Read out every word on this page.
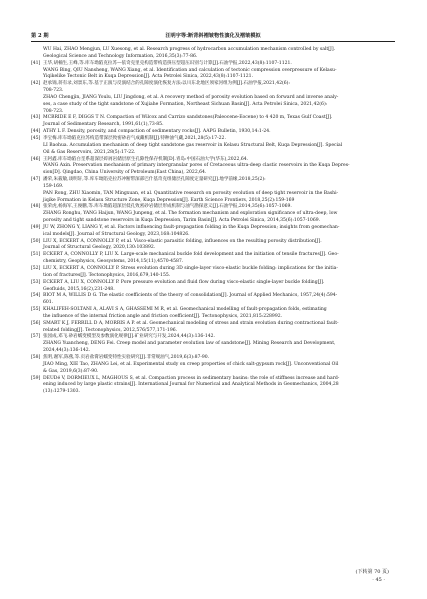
第 2 期	汪明宇等:断背斜褶皱物性演化及褶皱模拟
WU Hai, ZHAO Mengjun, LU Xuesong, et al. Research progress of hydrocarbon accumulation mechanism controlled by salt[J].
Geological Science and Technology Information, 2016,35(3):77-86.
[41] 王华,胡楠生,王峰,等.库车坳陷克拉苏—依奇克里克构造带构造挤压型超压识别与计算[J].石油学报,2022,43(8):1107-1121.
WANG Bing, QIU Nansheng, WANG Xiang, et al. Identification and calculation of tectonic compression overpressure of Kelasu-
Yiqikelike Tectonic Belt in Kuqa Depression[J]. Acta Petrolei Sinica, 2022,43(8):1107-1121.
[42] 赵承锦,蒋有录,刘景东,等.基于正演与反演结合的孔隙度演化恢复方法:以川东北地区须家河组为例[J].石油学报,2021,42(6):
708-723.
ZHAO Chengjin, JIANG Youlu, LIU Jingdong, et al. A recovery method of porosity evolution based on forward and inverse analy-
ses, a case study of the tight sandstone of Xujiahe Formation, Northeast Sichuan Basin[J]. Acta Petrolei Sinica, 2021,42(6):
708-723.
[43] MCBRIDE E F, DIGGS T N. Compaction of Wilcox and Carrizo sandstones(Paleocene-Eocene) to 4 420 m, Texas Gulf Coast[J].
Journal of Sedimentary Research, 1991,61(1),73-85.
[44] ATHY L F. Density, porosity, and compaction of sedimentary rocks[J]. AAPG Bulletin, 1930,14:1-24.
[45] 李宝梅.库车坳陷克拉苏构造带深层致密砂岩气成藏机制[J].特种油气藏,2021,28(5):17-22.
LI Baohua. Accumulation mechanism of deep tight sandstone gas reservoir in Kelasu Structural Belt, Kuqa Depression[J]. Special
Oil & Gas Reservoirs, 2021,28(5):17-22.
[46] 王阿鑫.库车坳陷白垩系超深层碎屑岩储层原生孔隙性保存机制[D].青岛:中国石油大学(华东),2022,64.
WANG Axin. Preservation mechanism of primary intergranular pores of Cretaceous ultra-deep clastic reservoirs in the Kuqa Depres-
sion[D]. Qingdao, China University of Petroleum(East China), 2022,64.
[47] 潘荣,朱筱敏,谈明轩,等.库车坳陷克拉苏冲断带深部巴什基奇克组储层孔隙度定量研究[J].地学前缘,2018,25(2):
159-169.
PAN Rong, ZHU Xiaomin, TAN Mingxuan, et al. Quantitative research on porosity evolution of deep tight reservoir in the Bashi-
jiqike Formation in Kelasu Structure Zone, Kuqa Depression[J]. Earth Science Frontiers, 2018,25(2):159-169
[48] 张荣虎,杨海军,王俊鹏,等.库车坳陷超深层低孔致密砂岩储层形成机制与油气勘探意义[J].石油学报,2014,35(6):1057-1069.
ZHANG Ronghu, YANG Haijun, WANG Junpeng, et al. The formation mechanism and exploration significance of ultra-deep, low
porosity and tight sandstone reservoirs in Kuqa Depression, Tarim Basin[J]. Acta Petrolei Sinica, 2014,35(6):1057-1069.
[49] JU W, ZHONG Y, LIANG Y, et al. Factors influencing fault-propagation folding in the Kuqa Depression; insights from geomechan-
ical models[J]. Journal of Structural Geology, 2023,168:104826.
[50] LIU X, ECKERT A, CONNOLLY P, et al. Visco-elastic parasitic folding, influences on the resulting porosity distribution[J].
Journal of Structural Geology, 2020,130:103892.
[51] ECKERT A, CONNOLLY P, LIU X. Large-scale mechanical buckle fold development and the initiation of tensile fractures[J]. Geo-
chemistry, Geophysics, Geosystems, 2014,15(11),4570-4587.
[52] LIU X, ECKERT A, CONNOLLY P. Stress evolution during 3D single-layer visco-elastic buckle folding: implications for the initia-
tion of fractures[J]. Tectonophysics, 2016,679,140-155.
[53] ECKERT A, LIU X, CONNOLLY P. Pore pressure evolution and fluid flow during visco-elastic single-layer buckle folding[J].
Geofluids, 2015,16(2),231-248.
[54] BIOT M A, WILLIS D G. The elastic coefficients of the theory of consolidation[J]. Journal of Applied Mechanics, 1957,24(4):594-
601.
[55] KHALIFEH-SOLTANI A, ALAVI S A, GHASSEMI M R, et al. Geomechanical modelling of fault-propagation folds, estimating
the influence of the internal friction angle and friction coefficient[J]. Tectonophysics, 2021,815:228992.
[56] SMART K J, FERRILL D A, MORRIS A P. et al. Geomechanical modeling of stress and strain evolution during contractional fault-
related folding[J]. Tectonophysics, 2012,576/577,171-196.
[57] 张园成,邓飞.砂岩蠕变模型及参数演化规律[J].矿业研究与开发,2024,44(3):136-142.
ZHANG Yuancheng, DENG Fei. Creep model and parameter evolution law of sandstone[J]. Mining Research and Development,
2024,44(3):136-142.
[58] 焦明,谢军,陈燕,等.页岩盐膏岩蠕变特性实验研究[J].非常规油气,2019,6(3):87-90.
JIAO Ming, XIE Tao, ZHANG Lei, et al. Experimental study on creep properties of chick salt-gypsum rock[J]. Unconventional Oil
& Gas, 2019,6(3):87-90.
[59] DEUDé V, DORMIEUX L, MAGHOUS S, et al. Compaction process in sedimentary basins: the role of stiffness increase and hard-
ening induced by large plastic strains[J]. International Journal for Numerical and Analytical Methods in Geomechanics, 2004,28
(13):1279-1303.
(下转第 70 页)
· 45 ·
